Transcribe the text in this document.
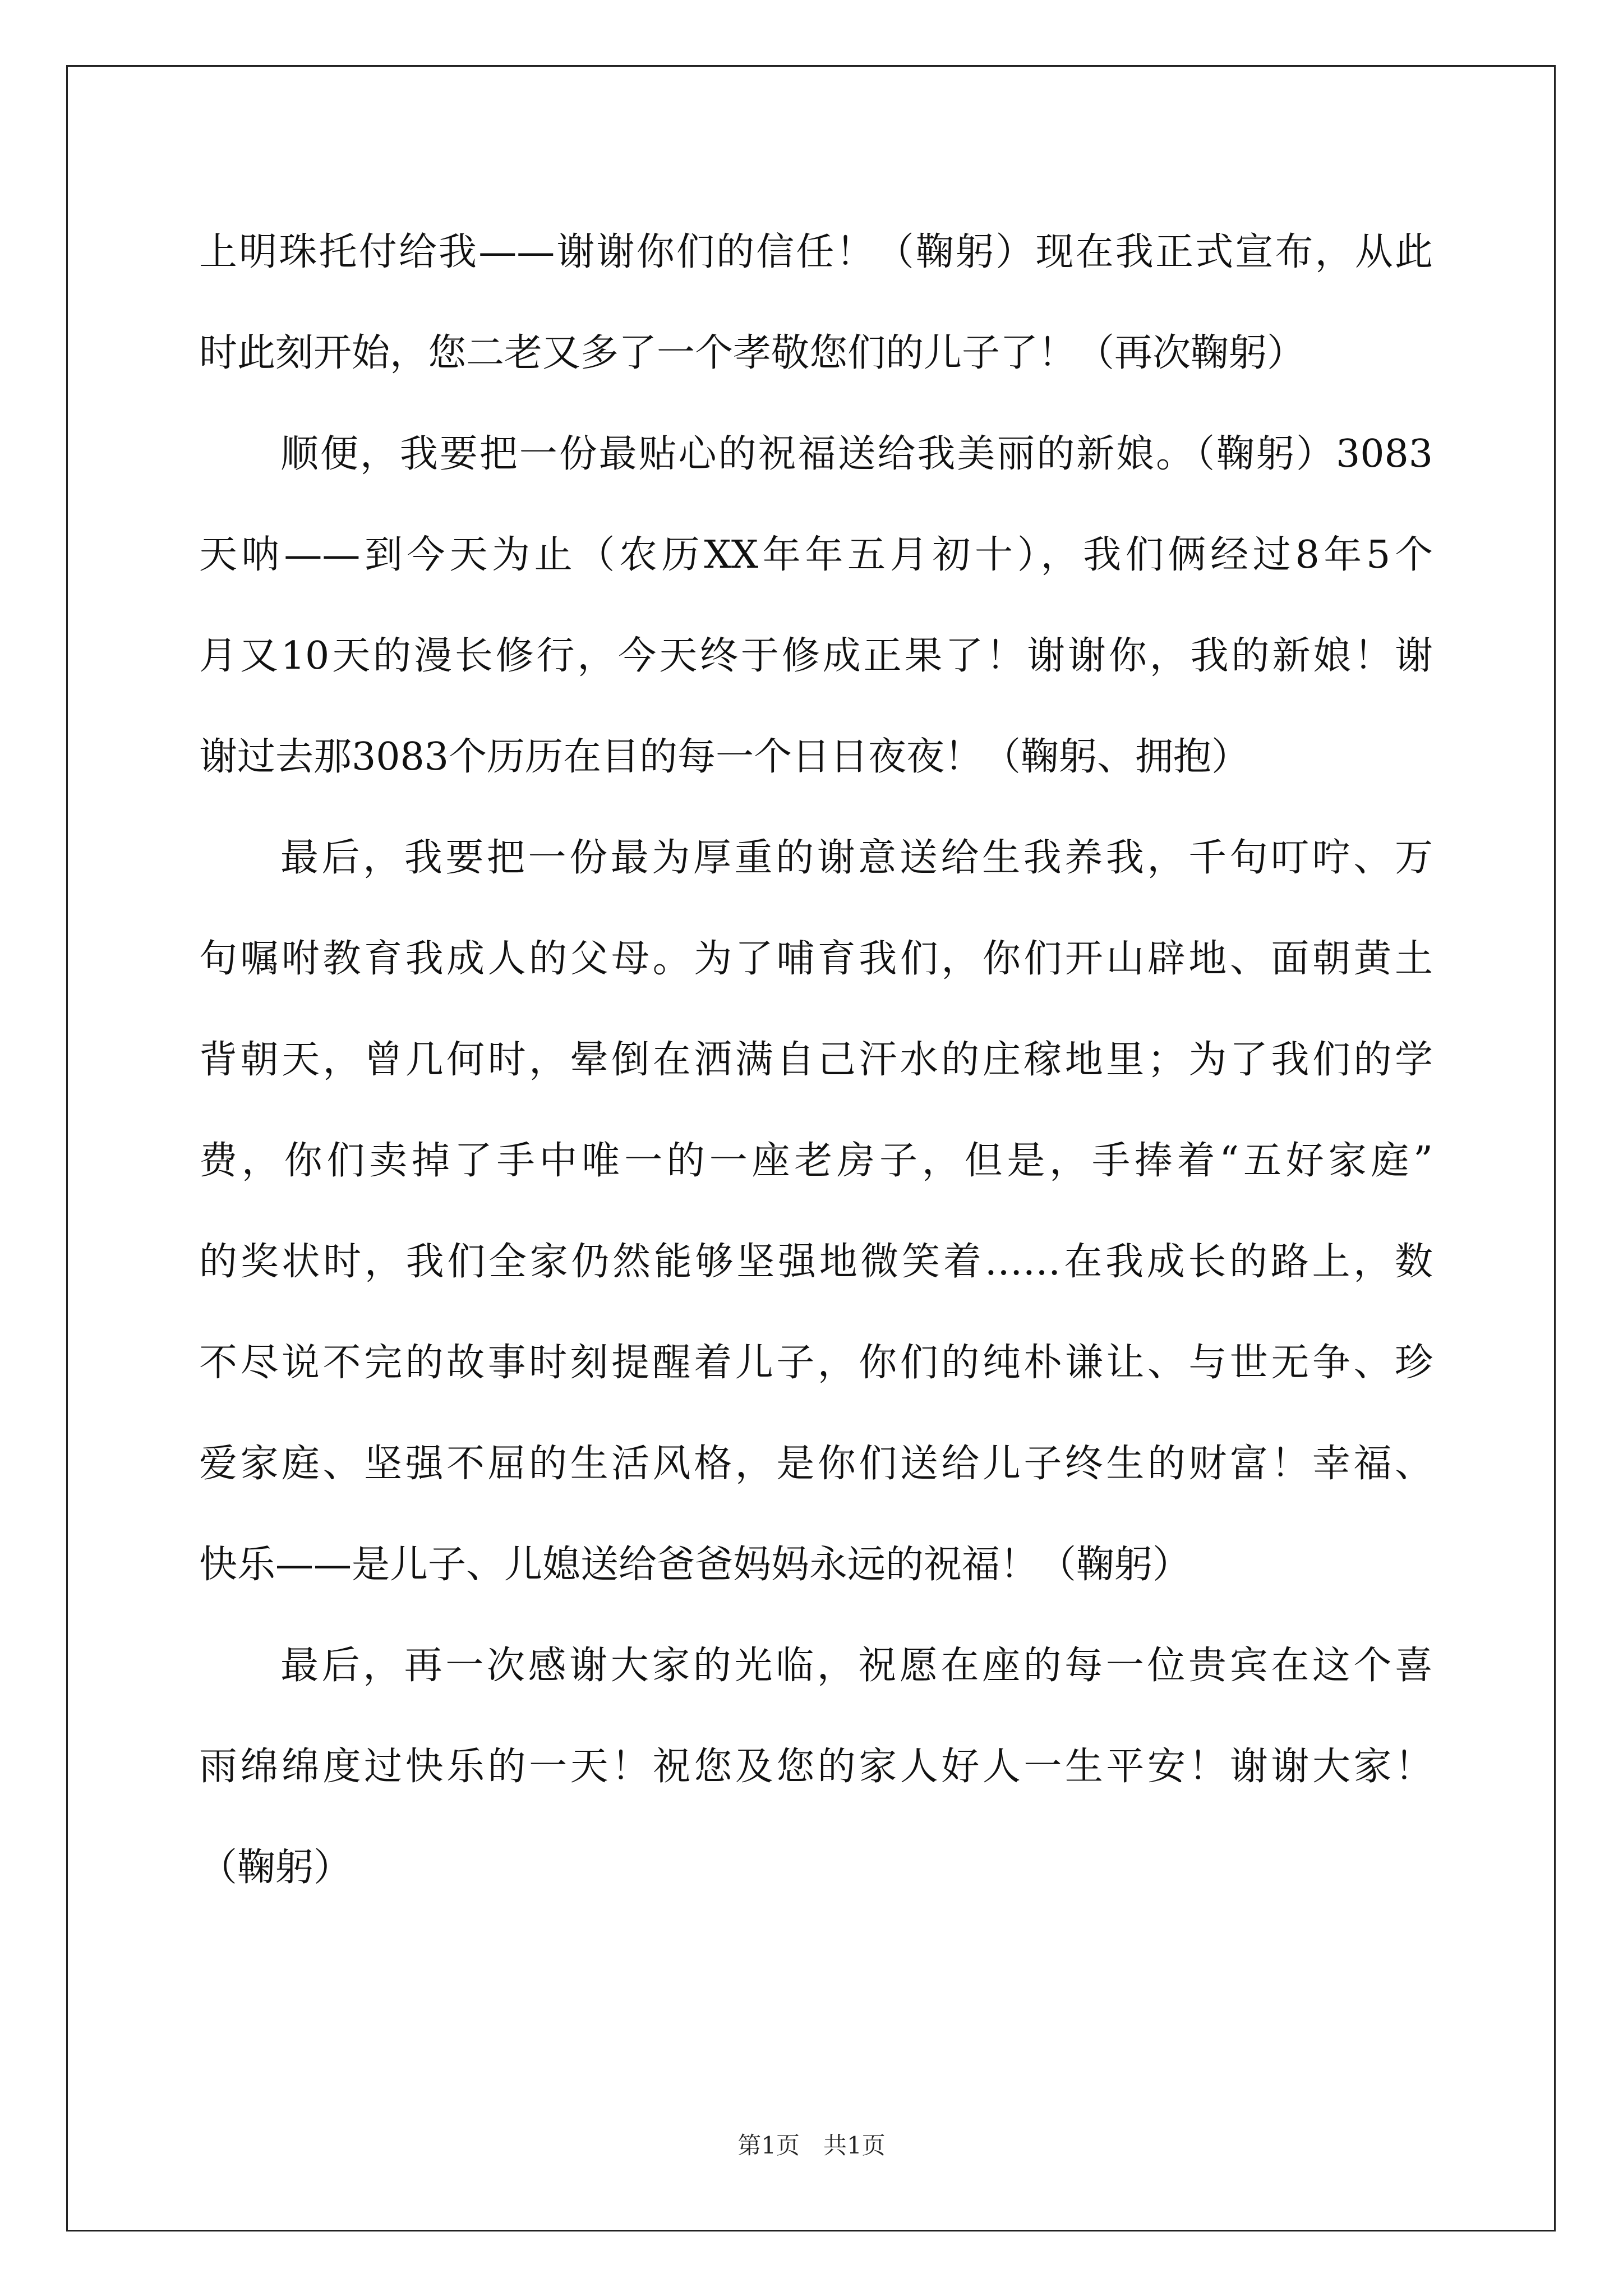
上明珠托付给我——谢谢你们的信任！（鞠躬）现在我正式宣布，从此
时此刻开始，您二老又多了一个孝敬您们的儿子了！（再次鞠躬）
顺便，我要把一份最贴心的祝福送给我美丽的新娘。（鞠躬）3083
天呐——到今天为止（农历XX年年五月初十），我们俩经过8年5个
月又10天的漫长修行，今天终于修成正果了！谢谢你，我的新娘！谢
谢过去那3083个历历在目的每一个日日夜夜！（鞠躬、拥抱）
最后，我要把一份最为厚重的谢意送给生我养我，千句叮咛、万
句嘱咐教育我成人的父母。为了哺育我们，你们开山辟地、面朝黄土
背朝天，曾几何时，晕倒在洒满自己汗水的庄稼地里；为了我们的学
费，你们卖掉了手中唯一的一座老房子，但是，手捧着“五好家庭”
的奖状时，我们全家仍然能够坚强地微笑着……在我成长的路上，数
不尽说不完的故事时刻提醒着儿子，你们的纯朴谦让、与世无争、珍
爱家庭、坚强不屈的生活风格，是你们送给儿子终生的财富！幸福、
快乐——是儿子、儿媳送给爸爸妈妈永远的祝福！（鞠躬）
最后，再一次感谢大家的光临，祝愿在座的每一位贵宾在这个喜
雨绵绵度过快乐的一天！祝您及您的家人好人一生平安！谢谢大家！
（鞠躬）
第1页　共1页
